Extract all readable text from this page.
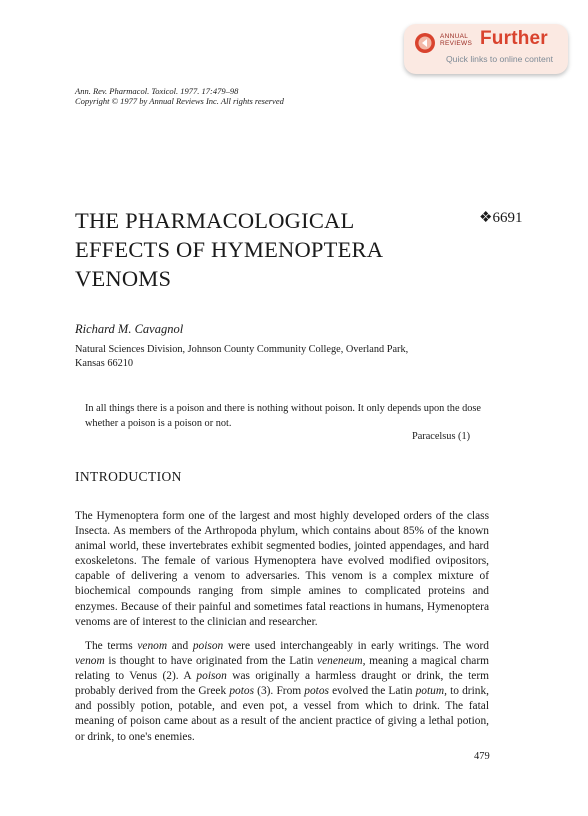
ANNUAL
REVIEWS Further
Quick links to online content
Ann. Rev. Pharmacol. Toxicol. 1977. 17:479–98
Copyright © 1977 by Annual Reviews Inc. All rights reserved
THE PHARMACOLOGICAL
EFFECTS OF HYMENOPTERA
VENOMS
❖6691
Richard M. Cavagnol
Natural Sciences Division, Johnson County Community College, Overland Park,
Kansas 66210
In all things there is a poison and there is nothing without poison. It only depends upon the dose whether a poison is a poison or not.
Paracelsus (1)
INTRODUCTION

The Hymenoptera form one of the largest and most highly developed orders of the class Insecta. As members of the Arthropoda phylum, which contains about 85% of the known animal world, these invertebrates exhibit segmented bodies, jointed appendages, and hard exoskeletons. The female of various Hymenoptera have evolved modified ovipositors, capable of delivering a venom to adversaries. This venom is a complex mixture of biochemical compounds ranging from simple amines to complicated proteins and enzymes. Because of their painful and sometimes fatal reactions in humans, Hymenoptera venoms are of interest to the clinician and researcher.

The terms venom and poison were used interchangeably in early writings. The word venom is thought to have originated from the Latin veneneum, meaning a magical charm relating to Venus (2). A poison was originally a harmless draught or drink, the term probably derived from the Greek potos (3). From potos evolved the Latin potum, to drink, and possibly potion, potable, and even pot, a vessel from which to drink. The fatal meaning of poison came about as a result of the ancient practice of giving a lethal potion, or drink, to one's enemies.

479
